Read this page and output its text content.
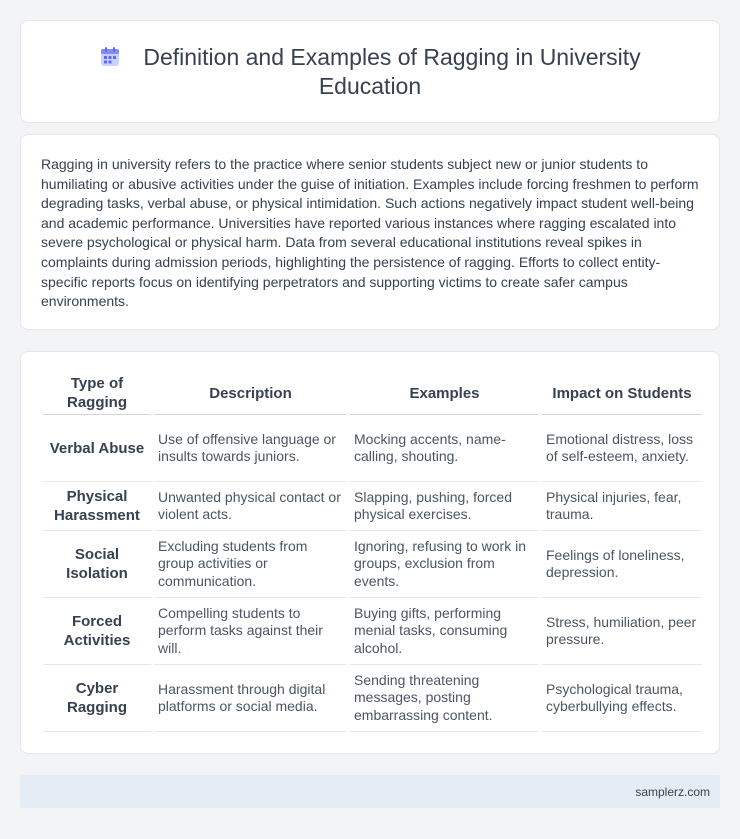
Definition and Examples of Ragging in University Education

Ragging in university refers to the practice where senior students subject new or junior students to humiliating or abusive activities under the guise of initiation. Examples include forcing freshmen to perform degrading tasks, verbal abuse, or physical intimidation. Such actions negatively impact student well-being and academic performance. Universities have reported various instances where ragging escalated into severe psychological or physical harm. Data from several educational institutions reveal spikes in complaints during admission periods, highlighting the persistence of ragging. Efforts to collect entity-specific reports focus on identifying perpetrators and supporting victims to create safer campus environments.

Type of Ragging	Description	Examples	Impact on Students
Verbal Abuse	Use of offensive language or insults towards juniors.	Mocking accents, name-calling, shouting.	Emotional distress, loss of self-esteem, anxiety.
Physical Harassment	Unwanted physical contact or violent acts.	Slapping, pushing, forced physical exercises.	Physical injuries, fear, trauma.
Social Isolation	Excluding students from group activities or communication.	Ignoring, refusing to work in groups, exclusion from events.	Feelings of loneliness, depression.
Forced Activities	Compelling students to perform tasks against their will.	Buying gifts, performing menial tasks, consuming alcohol.	Stress, humiliation, peer pressure.
Cyber Ragging	Harassment through digital platforms or social media.	Sending threatening messages, posting embarrassing content.	Psychological trauma, cyberbullying effects.
samplerz.com
